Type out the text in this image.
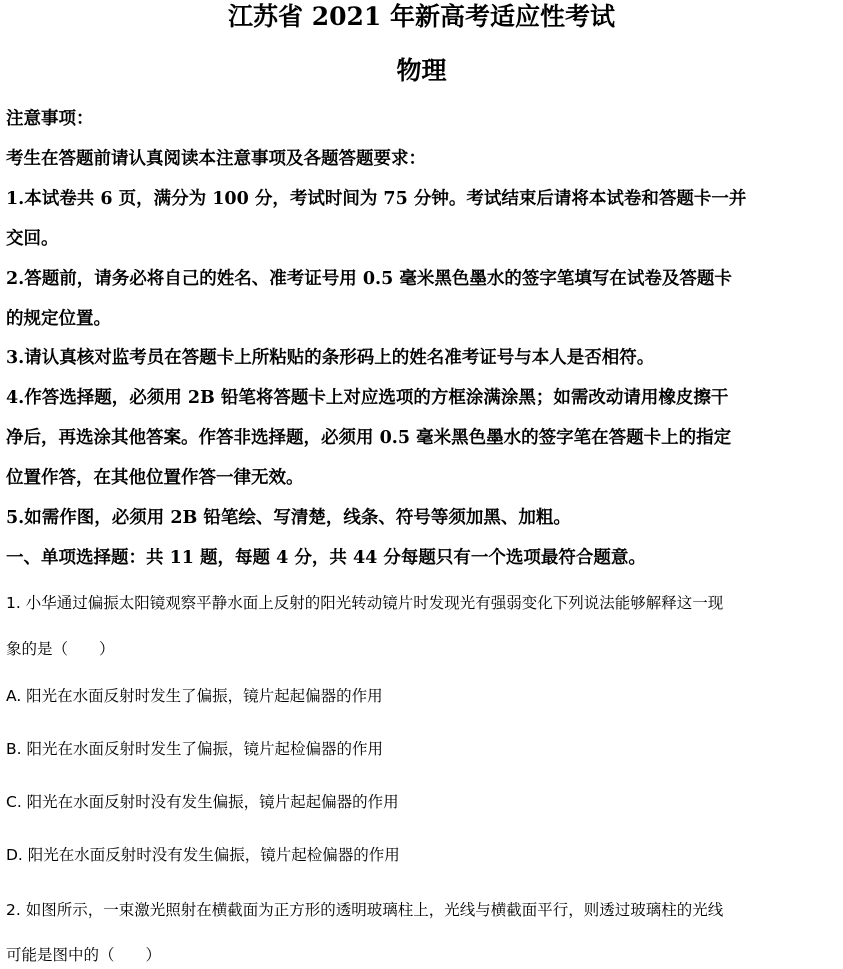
江苏省 2021 年新高考适应性考试
物理
注意事项：
考生在答题前请认真阅读本注意事项及各题答题要求：
1.本试卷共 6 页，满分为 100 分，考试时间为 75 分钟。考试结束后请将本试卷和答题卡一并
交回。
2.答题前，请务必将自己的姓名、准考证号用 0.5 毫米黑色墨水的签字笔填写在试卷及答题卡
的规定位置。
3.请认真核对监考员在答题卡上所粘贴的条形码上的姓名准考证号与本人是否相符。
4.作答选择题，必须用 2B 铅笔将答题卡上对应选项的方框涂满涂黑；如需改动请用橡皮擦干
净后，再选涂其他答案。作答非选择题，必须用 0.5 毫米黑色墨水的签字笔在答题卡上的指定
位置作答，在其他位置作答一律无效。
5.如需作图，必须用 2B 铅笔绘、写清楚，线条、符号等须加黑、加粗。
一、单项选择题：共 11 题，每题 4 分，共 44 分每题只有一个选项最符合题意。
1. 小华通过偏振太阳镜观察平静水面上反射的阳光转动镜片时发现光有强弱变化下列说法能够解释这一现
象的是（　　）
A. 阳光在水面反射时发生了偏振，镜片起起偏器的作用
B. 阳光在水面反射时发生了偏振，镜片起检偏器的作用
C. 阳光在水面反射时没有发生偏振，镜片起起偏器的作用
D. 阳光在水面反射时没有发生偏振，镜片起检偏器的作用
2. 如图所示，一束激光照射在横截面为正方形的透明玻璃柱上，光线与横截面平行，则透过玻璃柱的光线
可能是图中的（　　）
